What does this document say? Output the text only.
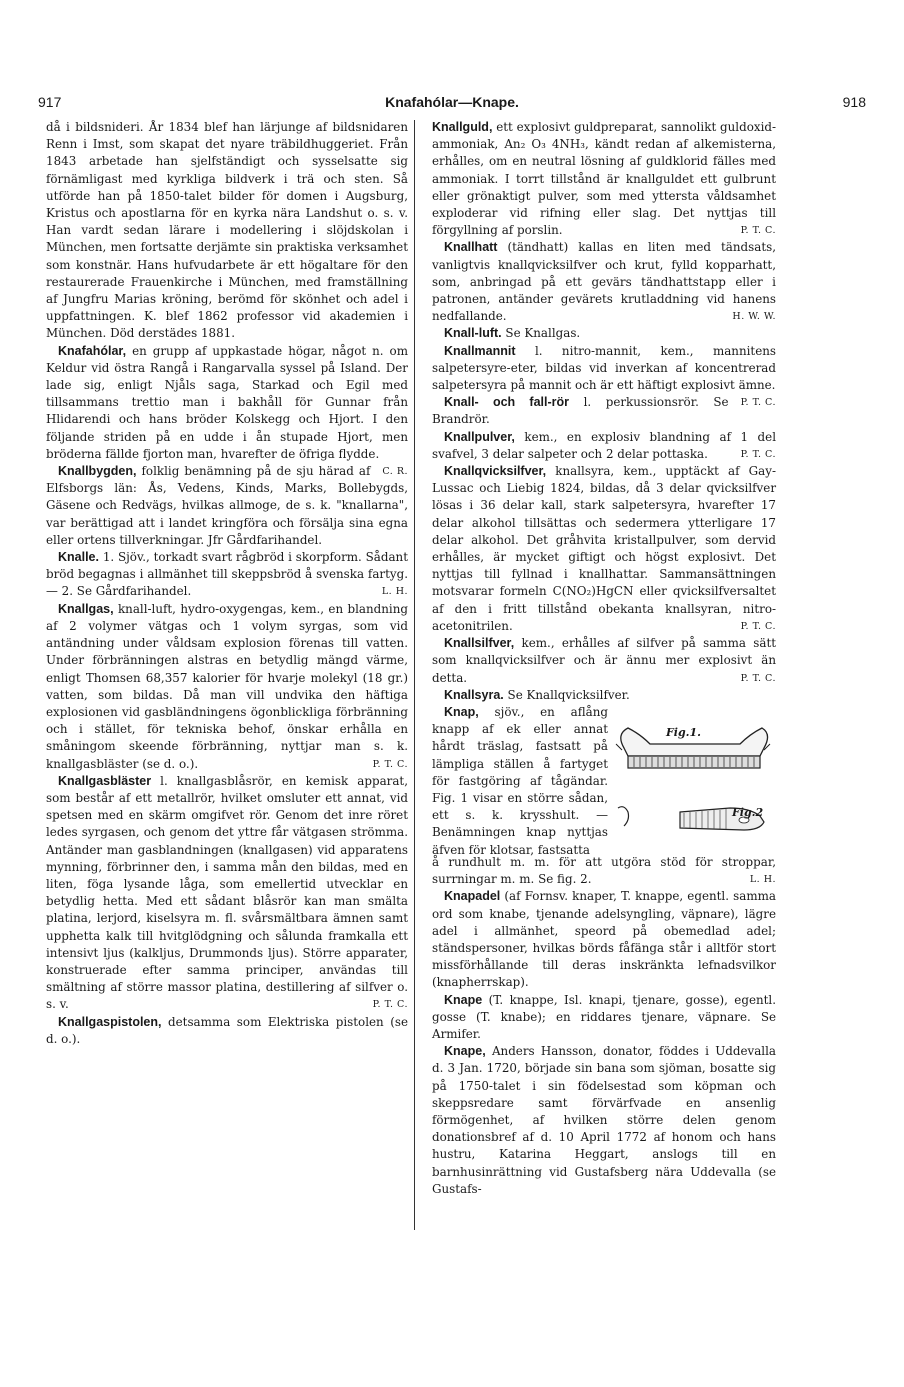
917	Knafahólar—Knape.	918

då i bildsnideri. År 1834 blef han lärjunge af bildsnidaren Renn i Imst, som skapat det nyare träbildhuggeriet. Från 1843 arbetade han sjelfständigt och sysselsatte sig förnämligast med kyrkliga bildverk i trä och sten. Så utförde han på 1850-talet bilder för domen i Augsburg, Kristus och apostlarna för en kyrka nära Landshut o. s. v. Han vardt sedan lärare i modellering i slöjdskolan i München, men fortsatte derjämte sin praktiska verksamhet som konstnär. Hans hufvudarbete är ett högaltare för den restaurerade Frauenkirche i München, med framställning af Jungfru Marias kröning, berömd för skönhet och adel i uppfattningen. K. blef 1862 professor vid akademien i München. Död derstädes 1881.

Knafahólar, en grupp af uppkastade högar, något n. om Keldur vid östra Rangå i Rangarvalla syssel på Island. Der lade sig, enligt Njåls saga, Starkad och Egil med tillsammans trettio man i bakhåll för Gunnar från Hlidarendi och hans bröder Kolskegg och Hjort. I den följande striden på en udde i ån stupade Hjort, men bröderna fällde fjorton man, hvarefter de öfriga flydde.
C. R.

Knallbygden, folklig benämning på de sju härad af Elfsborgs län: Ås, Vedens, Kinds, Marks, Bollebygds, Gäsene och Redvägs, hvilkas allmoge, de s. k. "knallarna", var berättigad att i landet kringföra och försälja sina egna eller ortens tillverkningar. Jfr Gårdfarihandel.

Knalle. 1. Sjöv., torkadt svart rågbröd i skorpform. Sådant bröd begagnas i allmänhet till skeppsbröd å svenska fartyg. — 2. Se Gårdfarihandel.	L. H.

Knallgas, knall-luft, hydro-oxygengas, kem., en blandning af 2 volymer vätgas och 1 volym syrgas, som vid antändning under våldsam explosion förenas till vatten. Under förbränningen alstras en betydlig mängd värme, enligt Thomsen 68,357 kalorier för hvarje molekyl (18 gr.) vatten, som bildas. Då man vill undvika den häftiga explosionen vid gasbländningens ögonblickliga förbränning och i stället, för tekniska behof, önskar erhålla en småningom skeende förbränning, nyttjar man s. k. knallgasbläster (se d. o.).	P. T. C.

Knallgasbläster l. knallgasblåsrör, en kemisk apparat, som består af ett metallrör, hvilket omsluter ett annat, vid spetsen med en skärm omgifvet rör. Genom det inre röret ledes syrgasen, och genom det yttre får vätgasen strömma. Antänder man gasblandningen (knallgasen) vid apparatens mynning, förbrinner den, i samma mån den bildas, med en liten, föga lysande låga, som emellertid utvecklar en betydlig hetta. Med ett sådant blåsrör kan man smälta platina, lerjord, kiselsyra m. fl. svårsmältbara ämnen samt upphetta kalk till hvitglödgning och sålunda framkalla ett intensivt ljus (kalkljus, Drummonds ljus). Större apparater, konstruerade efter samma principer, användas till smältning af större massor platina, destillering af silfver o. s. v.	P. T. C.

Knallgaspistolen, detsamma som Elektriska pistolen (se d. o.).

Knallguld, ett explosivt guldpreparat, sannolikt guldoxid-ammoniak, An₂ O₃ 4NH₃, kändt redan af alkemisterna, erhålles, om en neutral lösning af guldklorid fälles med ammoniak. I torrt tillstånd är knallguldet ett gulbrunt eller grönaktigt pulver, som med yttersta våldsamhet exploderar vid rifning eller slag. Det nyttjas till förgyllning af porslin.	P. T. C.

Knallhatt (tändhatt) kallas en liten med tändsats, vanligtvis knallqvicksilfver och krut, fylld kopparhatt, som, anbringad på ett gevärs tändhattstapp eller i patronen, antänder gevärets krutladdning vid hanens nedfallande.	H. W. W.

Knall-luft. Se Knallgas.

Knallmannit l. nitro-mannit, kem., mannitens salpetersyre-eter, bildas vid inverkan af koncentrerad salpetersyra på mannit och är ett häftigt explosivt ämne.
P. T. C.

Knall- och fall-rör l. perkussionsrör. Se Brandrör.

Knallpulver, kem., en explosiv blandning af 1 del svafvel, 3 delar salpeter och 2 delar pottaska.	P. T. C.

Knallqvicksilfver, knallsyra, kem., upptäckt af Gay-Lussac och Liebig 1824, bildas, då 3 delar qvicksilfver lösas i 36 delar kall, stark salpetersyra, hvarefter 17 delar alkohol tillsättas och sedermera ytterligare 17 delar alkohol. Det gråhvita kristallpulver, som dervid erhålles, är mycket giftigt och högst explosivt. Det nyttjas till fyllnad i knallhattar. Sammansättningen motsvarar formeln C(NO₂)HgCN eller qvicksilfversaltet af den i fritt tillstånd obekanta knallsyran, nitro-acetonitrilen.	P. T. C.

Knallsilfver, kem., erhålles af silfver på samma sätt som knallqvicksilfver och är ännu mer explosivt än detta.	P. T. C.

Knallsyra. Se Knallqvicksilfver.

Knap, sjöv., en aflång knapp af ek eller annat hårdt träslag, fastsatt på lämpliga ställen å fartyget för fastgöring af tågändar. Fig. 1 visar en större sådan, ett s. k. krysshult. — Benämningen knap nyttjas äfven för klotsar, fastsatta

Fig.1.
Fig.2

å rundhult m. m. för att utgöra stöd för stroppar, surrningar m. m. Se fig. 2.	L. H.

Knapadel (af Fornsv. knaper, T. knappe, egentl. samma ord som knabe, tjenande adelsyngling, väpnare), lägre adel i allmänhet, speord på obemedlad adel; ständspersoner, hvilkas börds fåfänga står i alltför stort missförhållande till deras inskränkta lefnadsvilkor (knapherrskap).

Knape (T. knappe, Isl. knapi, tjenare, gosse), egentl. gosse (T. knabe); en riddares tjenare, väpnare. Se Armifer.

Knape, Anders Hansson, donator, föddes i Uddevalla d. 3 Jan. 1720, började sin bana som sjöman, bosatte sig på 1750-talet i sin födelsestad som köpman och skeppsredare samt förvärfvade en ansenlig förmögenhet, af hvilken större delen genom donationsbref af d. 10 April 1772 af honom och hans hustru, Katarina Heggart, anslogs till en barnhusinrättning vid Gustafsberg nära Uddevalla (se Gustafs-
